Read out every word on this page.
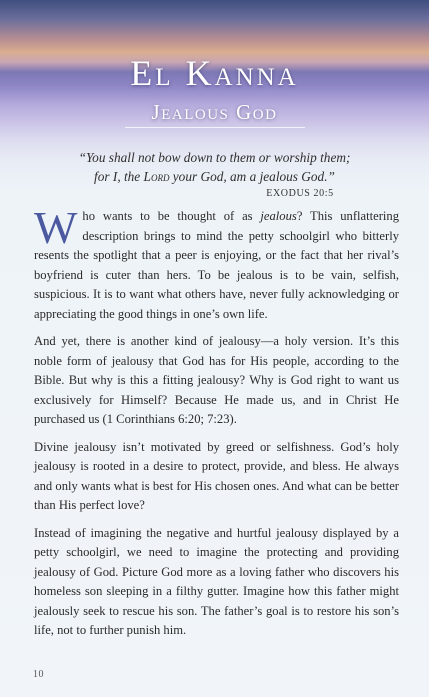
El Kanna
Jealous God
“You shall not bow down to them or worship them;
for I, the Lord your God, am a jealous God.”
EXODUS 20:5

Who wants to be thought of as jealous? This unflattering description brings to mind the petty schoolgirl who bitterly resents the spotlight that a peer is enjoying, or the fact that her rival’s boyfriend is cuter than hers. To be jealous is to be vain, selfish, suspicious. It is to want what others have, never fully acknowledging or appreciating the good things in one’s own life.

And yet, there is another kind of jealousy—a holy version. It’s this noble form of jealousy that God has for His people, according to the Bible. But why is this a fitting jealousy? Why is God right to want us exclusively for Himself? Because He made us, and in Christ He purchased us (1 Corinthians 6:20; 7:23).

Divine jealousy isn’t motivated by greed or selfishness. God’s holy jealousy is rooted in a desire to protect, provide, and bless. He always and only wants what is best for His chosen ones. And what can be better than His perfect love?

Instead of imagining the negative and hurtful jealousy displayed by a petty schoolgirl, we need to imagine the protecting and providing jealousy of God. Picture God more as a loving father who discovers his homeless son sleeping in a filthy gutter. Imagine how this father might jealously seek to rescue his son. The father’s goal is to restore his son’s life, not to further punish him.

10
